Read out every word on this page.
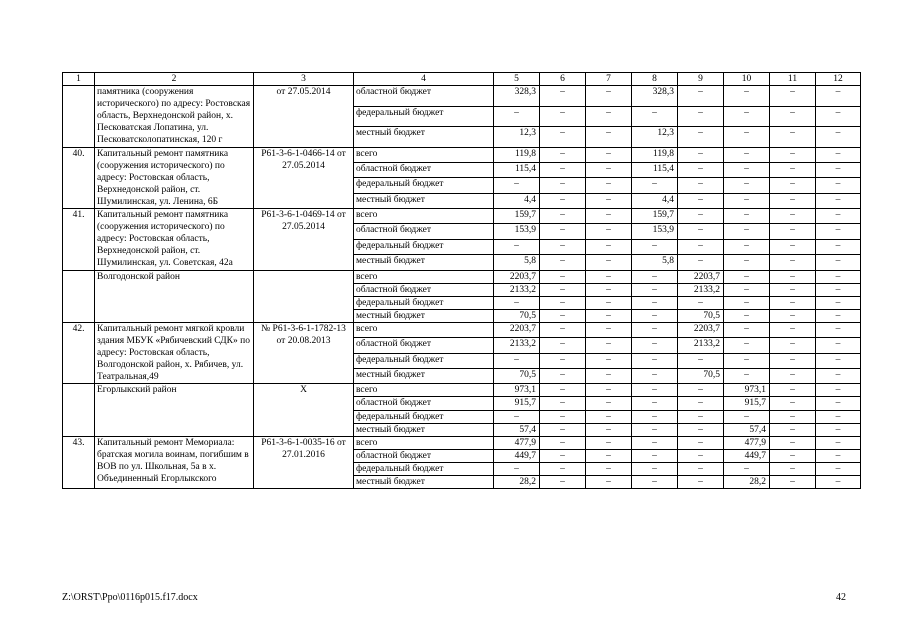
1	2	3	4	5	6	7	8	9	10	11	12
	памятника (сооружения исторического) по адресу: Ростовская область, Верхнедонской район, х. Песковатская Лопатина, ул. Песковатсколопатинская, 120 г	от 27.05.2014	областной бюджет	328,3	–	–	328,3	–	–	–	–
			федеральный бюджет	–	–	–	–	–	–	–	–
			местный бюджет	12,3	–	–	12,3	–	–	–	–
40.	Капитальный ремонт памятника (сооружения исторического) по адресу: Ростовская область, Верхнедонской район, ст. Шумилинская, ул. Ленина, 6Б	Р61-3-6-1-0466-14 от 27.05.2014	всего	119,8	–	–	119,8	–	–	–	–
			областной бюджет	115,4	–	–	115,4	–	–	–	–
			федеральный бюджет	–	–	–	–	–	–	–	–
			местный бюджет	4,4	–	–	4,4	–	–	–	–
41.	Капитальный ремонт памятника (сооружения исторического) по адресу: Ростовская область, Верхнедонской район, ст. Шумилинская, ул. Советская, 42а	Р61-3-6-1-0469-14 от 27.05.2014	всего	159,7	–	–	159,7	–	–	–	–
			областной бюджет	153,9	–	–	153,9	–	–	–	–
			федеральный бюджет	–	–	–	–	–	–	–	–
			местный бюджет	5,8	–	–	5,8	–	–	–	–
	Волгодонской район		всего	2203,7	–	–	–	2203,7	–	–	–
			областной бюджет	2133,2	–	–	–	2133,2	–	–	–
			федеральный бюджет	–	–	–	–	–	–	–	–
			местный бюджет	70,5	–	–	–	70,5	–	–	–
42.	Капитальный ремонт мягкой кровли здания МБУК «Рябичевский СДК» по адресу: Ростовская область, Волгодонской район, х. Рябичев, ул. Театральная,49	№ Р61-3-6-1-1782-13 от 20.08.2013	всего	2203,7	–	–	–	2203,7	–	–	–
			областной бюджет	2133,2	–	–	–	2133,2	–	–	–
			федеральный бюджет	–	–	–	–	–	–	–	–
			местный бюджет	70,5	–	–	–	70,5	–	–	–
	Егорлыкский район	Х	всего	973,1	–	–	–	–	973,1	–	–
			областной бюджет	915,7	–	–	–	–	915,7	–	–
			федеральный бюджет	–	–	–	–	–	–	–	–
			местный бюджет	57,4	–	–	–	–	57,4	–	–
43.	Капитальный ремонт Мемориала: братская могила воинам, погибшим в ВОВ по ул. Школьная, 5а в х. Объединенный Егорлыкского	Р61-3-6-1-0035-16 от 27.01.2016	всего	477,9	–	–	–	–	477,9	–	–
			областной бюджет	449,7	–	–	–	–	449,7	–	–
			федеральный бюджет	–	–	–	–	–	–	–	–
			местный бюджет	28,2	–	–	–	–	28,2	–	–
Z:\ORST\Ppo\0116p015.f17.docx	42
